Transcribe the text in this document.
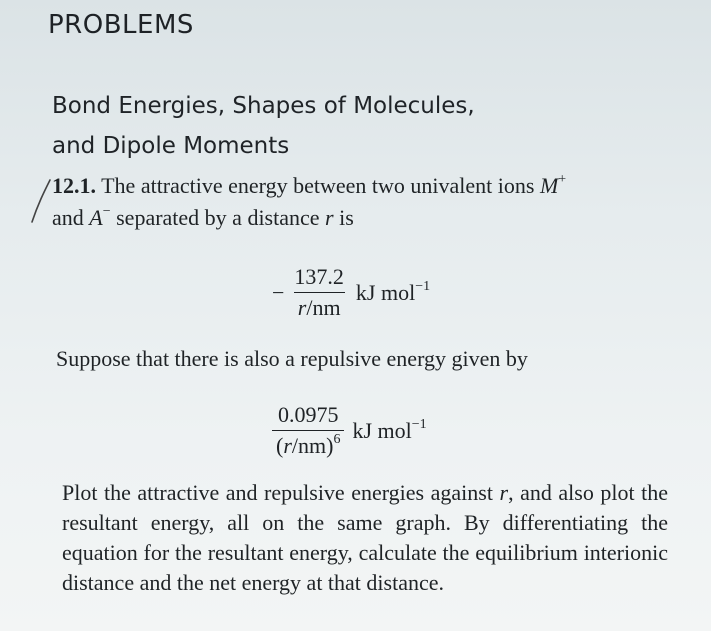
PROBLEMS
Bond Energies, Shapes of Molecules,
and Dipole Moments
12.1. The attractive energy between two univalent ions M+
and A− separated by a distance r is
− $\frac{137.2}{r/nm}$ kJ mol$^{-1}$
Suppose that there is also a repulsive energy given by
$\frac{0.0975}{(r/nm)^6}$ kJ mol$^{-1}$
Plot the attractive and repulsive energies against r, and also plot the resultant energy, all on the same graph. By differentiating the equation for the resultant energy, calculate the equilibrium interionic distance and the net energy at that distance.
